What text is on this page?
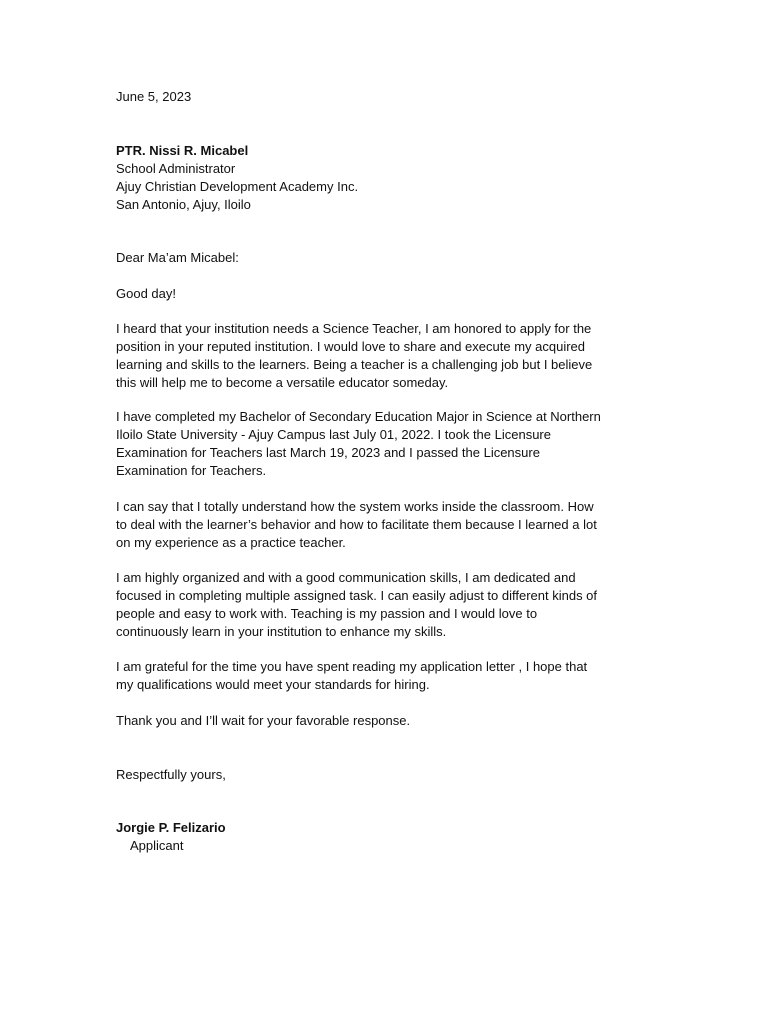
June 5, 2023

PTR. Nissi R. Micabel
School Administrator
Ajuy Christian Development Academy Inc.
San Antonio, Ajuy, Iloilo

Dear Ma’am Micabel:

Good day!

I heard that your institution needs a Science Teacher, I am honored to apply for the
position in your reputed institution. I would love to share and execute my acquired
learning and skills to the learners. Being a teacher is a challenging job but I believe
this will help me to become a versatile educator someday.

I have completed my Bachelor of Secondary Education Major in Science at Northern
Iloilo State University - Ajuy Campus last July 01, 2022. I took the Licensure
Examination for Teachers last March 19, 2023 and I passed the Licensure
Examination for Teachers.

I can say that I totally understand how the system works inside the classroom. How
to deal with the learner’s behavior and how to facilitate them because I learned a lot
on my experience as a practice teacher.

I am highly organized and with a good communication skills, I am dedicated and
focused in completing multiple assigned task. I can easily adjust to different kinds of
people and easy to work with. Teaching is my passion and I would love to
continuously learn in your institution to enhance my skills.

I am grateful for the time you have spent reading my application letter , I hope that
my qualifications would meet your standards for hiring.

Thank you and I’ll wait for your favorable response.

Respectfully yours,

Jorgie P. Felizario
Applicant
